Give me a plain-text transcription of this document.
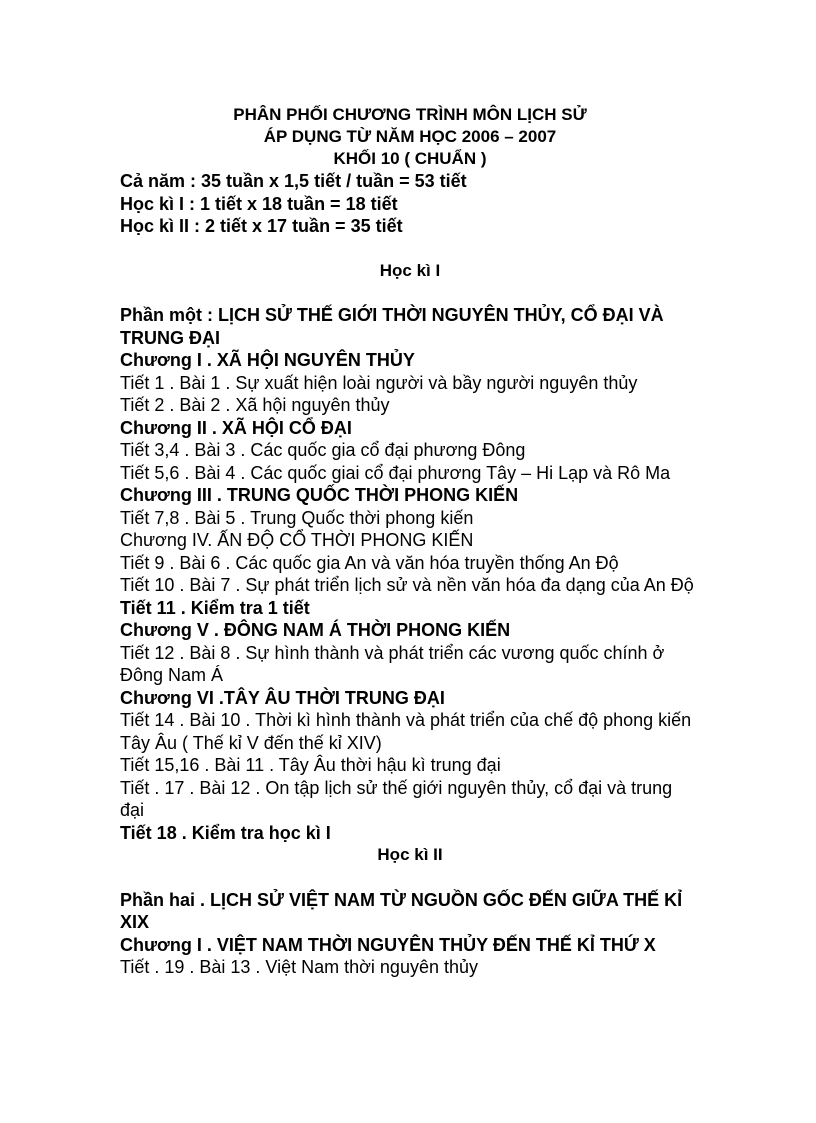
PHÂN PHỐI CHƯƠNG TRÌNH MÔN LỊCH SỬ
ÁP DỤNG TỪ NĂM HỌC 2006 – 2007
KHỐI 10 ( CHUẨN )
Cả năm : 35 tuần x 1,5 tiết / tuần = 53 tiết
Học kì I : 1 tiết x 18 tuần = 18 tiết
Học kì II : 2 tiết x 17 tuần = 35 tiết
Học kì I
Phần một : LỊCH SỬ THẾ GIỚI THỜI NGUYÊN THỦY, CỔ ĐẠI VÀ TRUNG ĐẠI
Chương I . XÃ HỘI NGUYÊN THỦY
Tiết 1 . Bài 1 . Sự xuất hiện loài người và bầy người nguyên thủy
Tiết 2 . Bài 2 . Xã hội nguyên thủy
Chương II . XÃ HỘI CỔ ĐẠI
Tiết 3,4 . Bài 3 . Các quốc gia cổ đại phương Đông
Tiết 5,6 . Bài 4 . Các quốc giai cổ đại phương Tây – Hi Lạp và Rô Ma
Chương III . TRUNG QUỐC THỜI PHONG KIẾN
Tiết 7,8 . Bài 5 . Trung Quốc thời phong kiến
Chương IV. ẤN ĐỘ CỔ THỜI PHONG KIẾN
Tiết 9 . Bài 6 . Các quốc gia An và văn hóa truyền thống An Độ
Tiết 10 . Bài 7 . Sự phát triển lịch sử và nền văn hóa đa dạng của An Độ
Tiết 11 . Kiểm tra 1 tiết
Chương V . ĐÔNG NAM Á THỜI PHONG KIẾN
Tiết 12 . Bài 8 . Sự hình thành và phát triển các vương quốc chính ở Đông Nam Á
Chương VI .TÂY ÂU THỜI TRUNG ĐẠI
Tiết 14 . Bài 10 . Thời kì hình thành và phát triển của chế độ phong kiến Tây Âu ( Thế kỉ V đến thế kỉ XIV)
Tiết 15,16 . Bài 11 . Tây Âu thời hậu kì trung đại
Tiết . 17 . Bài 12 . On tập lịch sử thế giới nguyên thủy, cổ đại và trung đại
Tiết 18 . Kiểm tra học kì I
Học kì II
Phần hai . LỊCH SỬ VIỆT NAM TỪ NGUỒN GỐC ĐẾN GIỮA THẾ KỈ XIX
Chương I . VIỆT NAM THỜI NGUYÊN THỦY ĐẾN THẾ KỈ THỨ X
Tiết . 19 . Bài 13 . Việt Nam thời nguyên thủy
